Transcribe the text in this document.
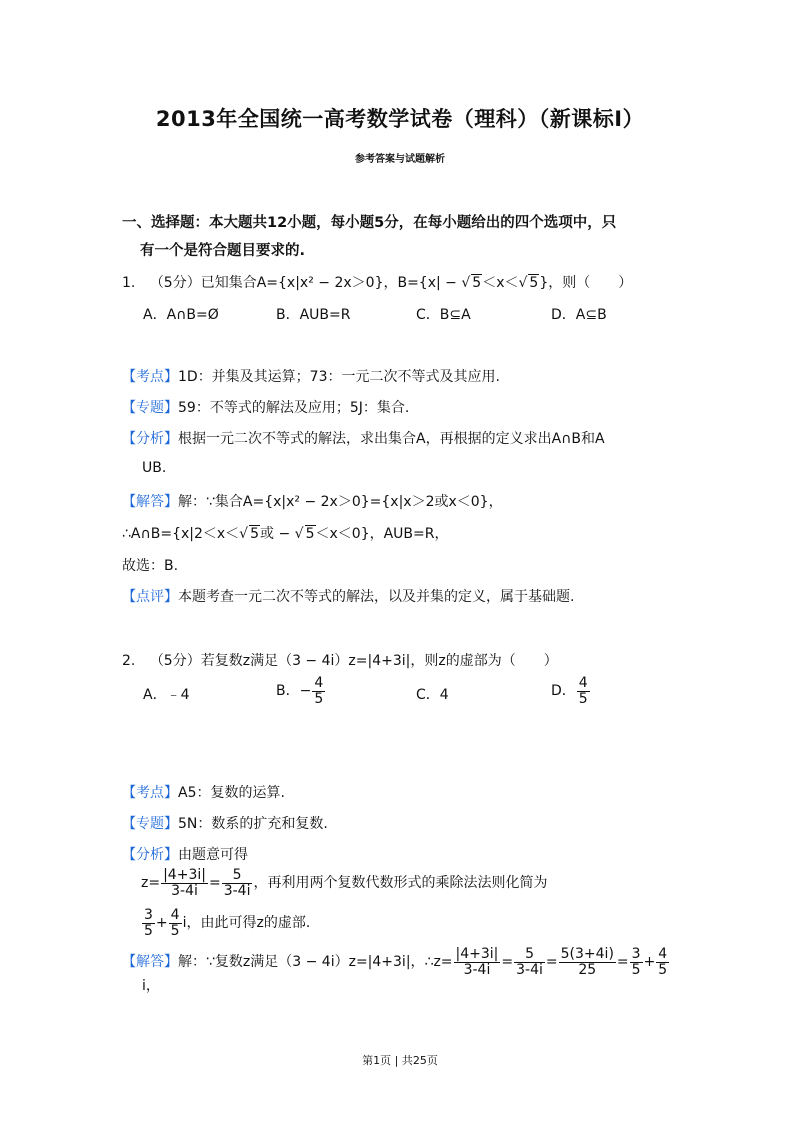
2013年全国统一高考数学试卷（理科）（新课标Ⅰ）
参考答案与试题解析
一、选择题：本大题共12小题，每小题5分，在每小题给出的四个选项中，只
有一个是符合题目要求的.
1. （5分）已知集合A={x|x² − 2x＞0}，B={x| − √ 5＜x＜√ 5}，则（　　）
A．A∩B=Ø	B．AUB=R	C．B⊆A	D．A⊆B
【考点】1D：并集及其运算；73：一元二次不等式及其应用.
【专题】59：不等式的解法及应用；5J：集合.
【分析】根据一元二次不等式的解法，求出集合A，再根据的定义求出A∩B和A
UB.
【解答】解：∵集合A={x|x² − 2x＞0}={x|x＞2或x＜0}，
∴A∩B={x|2＜x＜√ 5或 − √ 5＜x＜0}，AUB=R，
故选：B.
【点评】本题考查一元二次不等式的解法，以及并集的定义，属于基础题.
2. （5分）若复数z满足（3 − 4i）z=|4+3i|，则z的虚部为（　　）
A．﹣4	B．− $\frac{4}{5}$	C．4	D． $\frac{4}{5}$
【考点】A5：复数的运算.
【专题】5N：数系的扩充和复数.
【分析】由题意可得
$z= \frac{|4+3i|}{3-4i} = \frac{5}{3-4i}$ ，再利用两个复数代数形式的乘除法法则化简为
$\frac{3}{5} + \frac{4}{5}$ i，由此可得z的虚部.
【解答】解：∵复数z满足（3 − 4i）z=|4+3i|，∴z= $\frac{|4+3i|}{3-4i} = \frac{5}{3-4i} = \frac{5(3+4i)}{25} = \frac{3}{5} + \frac{4}{5}$
i，
第1页 | 共25页
